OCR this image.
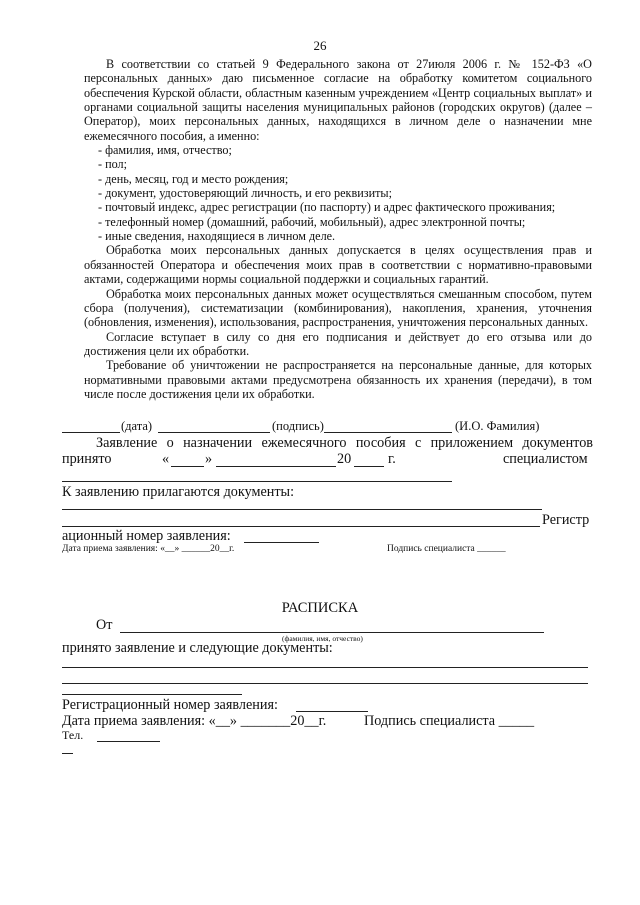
26

В соответствии со статьей 9 Федерального закона от 27июля 2006 г. № 152-ФЗ «О персональных данных» даю письменное согласие на обработку комитетом социального обеспечения Курской области, областным казенным учреждением «Центр социальных выплат» и органами социальной защиты населения муниципальных районов (городских округов) (далее – Оператор), моих персональных данных, находящихся в личном деле о назначении мне ежемесячного пособия, а именно:

- фамилия, имя, отчество;
- пол;
- день, месяц, год и место рождения;
- документ, удостоверяющий личность, и его реквизиты;
- почтовый индекс, адрес регистрации (по паспорту) и адрес фактического проживания;
- телефонный номер (домашний, рабочий, мобильный), адрес электронной почты;
- иные сведения, находящиеся в личном деле.

Обработка моих персональных данных допускается в целях осуществления прав и обязанностей Оператора и обеспечения моих прав в соответствии с нормативно-правовыми актами, содержащими нормы социальной поддержки и социальных гарантий.

Обработка моих персональных данных может осуществляться смешанным способом, путем сбора (получения), систематизации (комбинирования), накопления, хранения, уточнения (обновления, изменения), использования, распространения, уничтожения персональных данных.

Согласие вступает в силу со дня его подписания и действует до его отзыва или до достижения цели их обработки.

Требование об уничтожении не распространяется на персональные данные, для которых нормативными правовыми актами предусмотрена обязанность их хранения (передачи), в том числе после достижения цели их обработки.

(дата)	(подпись)	(И.О. Фамилия)
Заявление о назначении ежемесячного пособия с приложением документов
принято	«	»	20	г.	специалистом
К заявлению прилагаются документы:
Регистр
ационный номер заявления:
Дата приема заявления: «__» ______20__г.	Подпись специалиста ______
РАСПИСКА
От
(фамилия, имя, отчество)
принято заявление и следующие документы:
Регистрационный номер заявления:
Дата приема заявления: «__» _______20__г.	Подпись специалиста _____
Тел.
